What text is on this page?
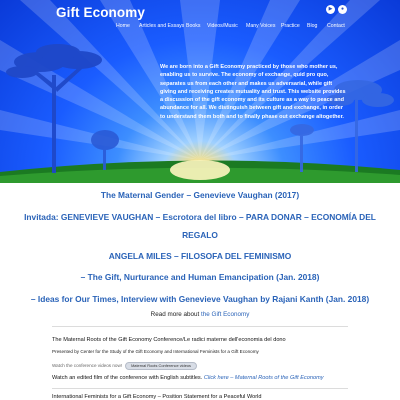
Gift Economy
Home Articles and Essays Books Videos/Music Many Voices Practice Blog Contact
▶	●
We are born into a Gift Economy practiced by those who mother us, enabling us to survive. The economy of exchange, quid pro quo, separates us from each other and makes us adversarial, while gift giving and receiving creates mutuality and trust. This website provides a discussion of the gift economy and its culture as a way to peace and abundance for all. We distinguish between gift and exchange, in order to understand them both and to finally phase out exchange altogether.
The Maternal Gender – Genevieve Vaughan (2017)
Invitada: GENEVIEVE VAUGHAN – Escrotora del libro – PARA DONAR – ECONOMÍA DEL
REGALO
ANGELA MILES – FILOSOFA DEL FEMINISMO
– The Gift, Nurturance and Human Emancipation (Jan. 2018)
– Ideas for Our Times, Interview with Genevieve Vaughan by Rajani Kanth (Jan. 2018)
Read more about the Gift Economy
The Maternal Roots of the Gift Economy Conference/Le radici materne dell'economia del dono
Presented by Center for the Study of the Gift Economy and International Feminists for a Gift Economy
Watch the conference videos now! Maternal Roots Conference videos
Watch an edited film of the conference with English subtitles. Click here – Maternal Roots of the Gift Economy
International Feminists for a Gift Economy – Position Statement for a Peaceful World
